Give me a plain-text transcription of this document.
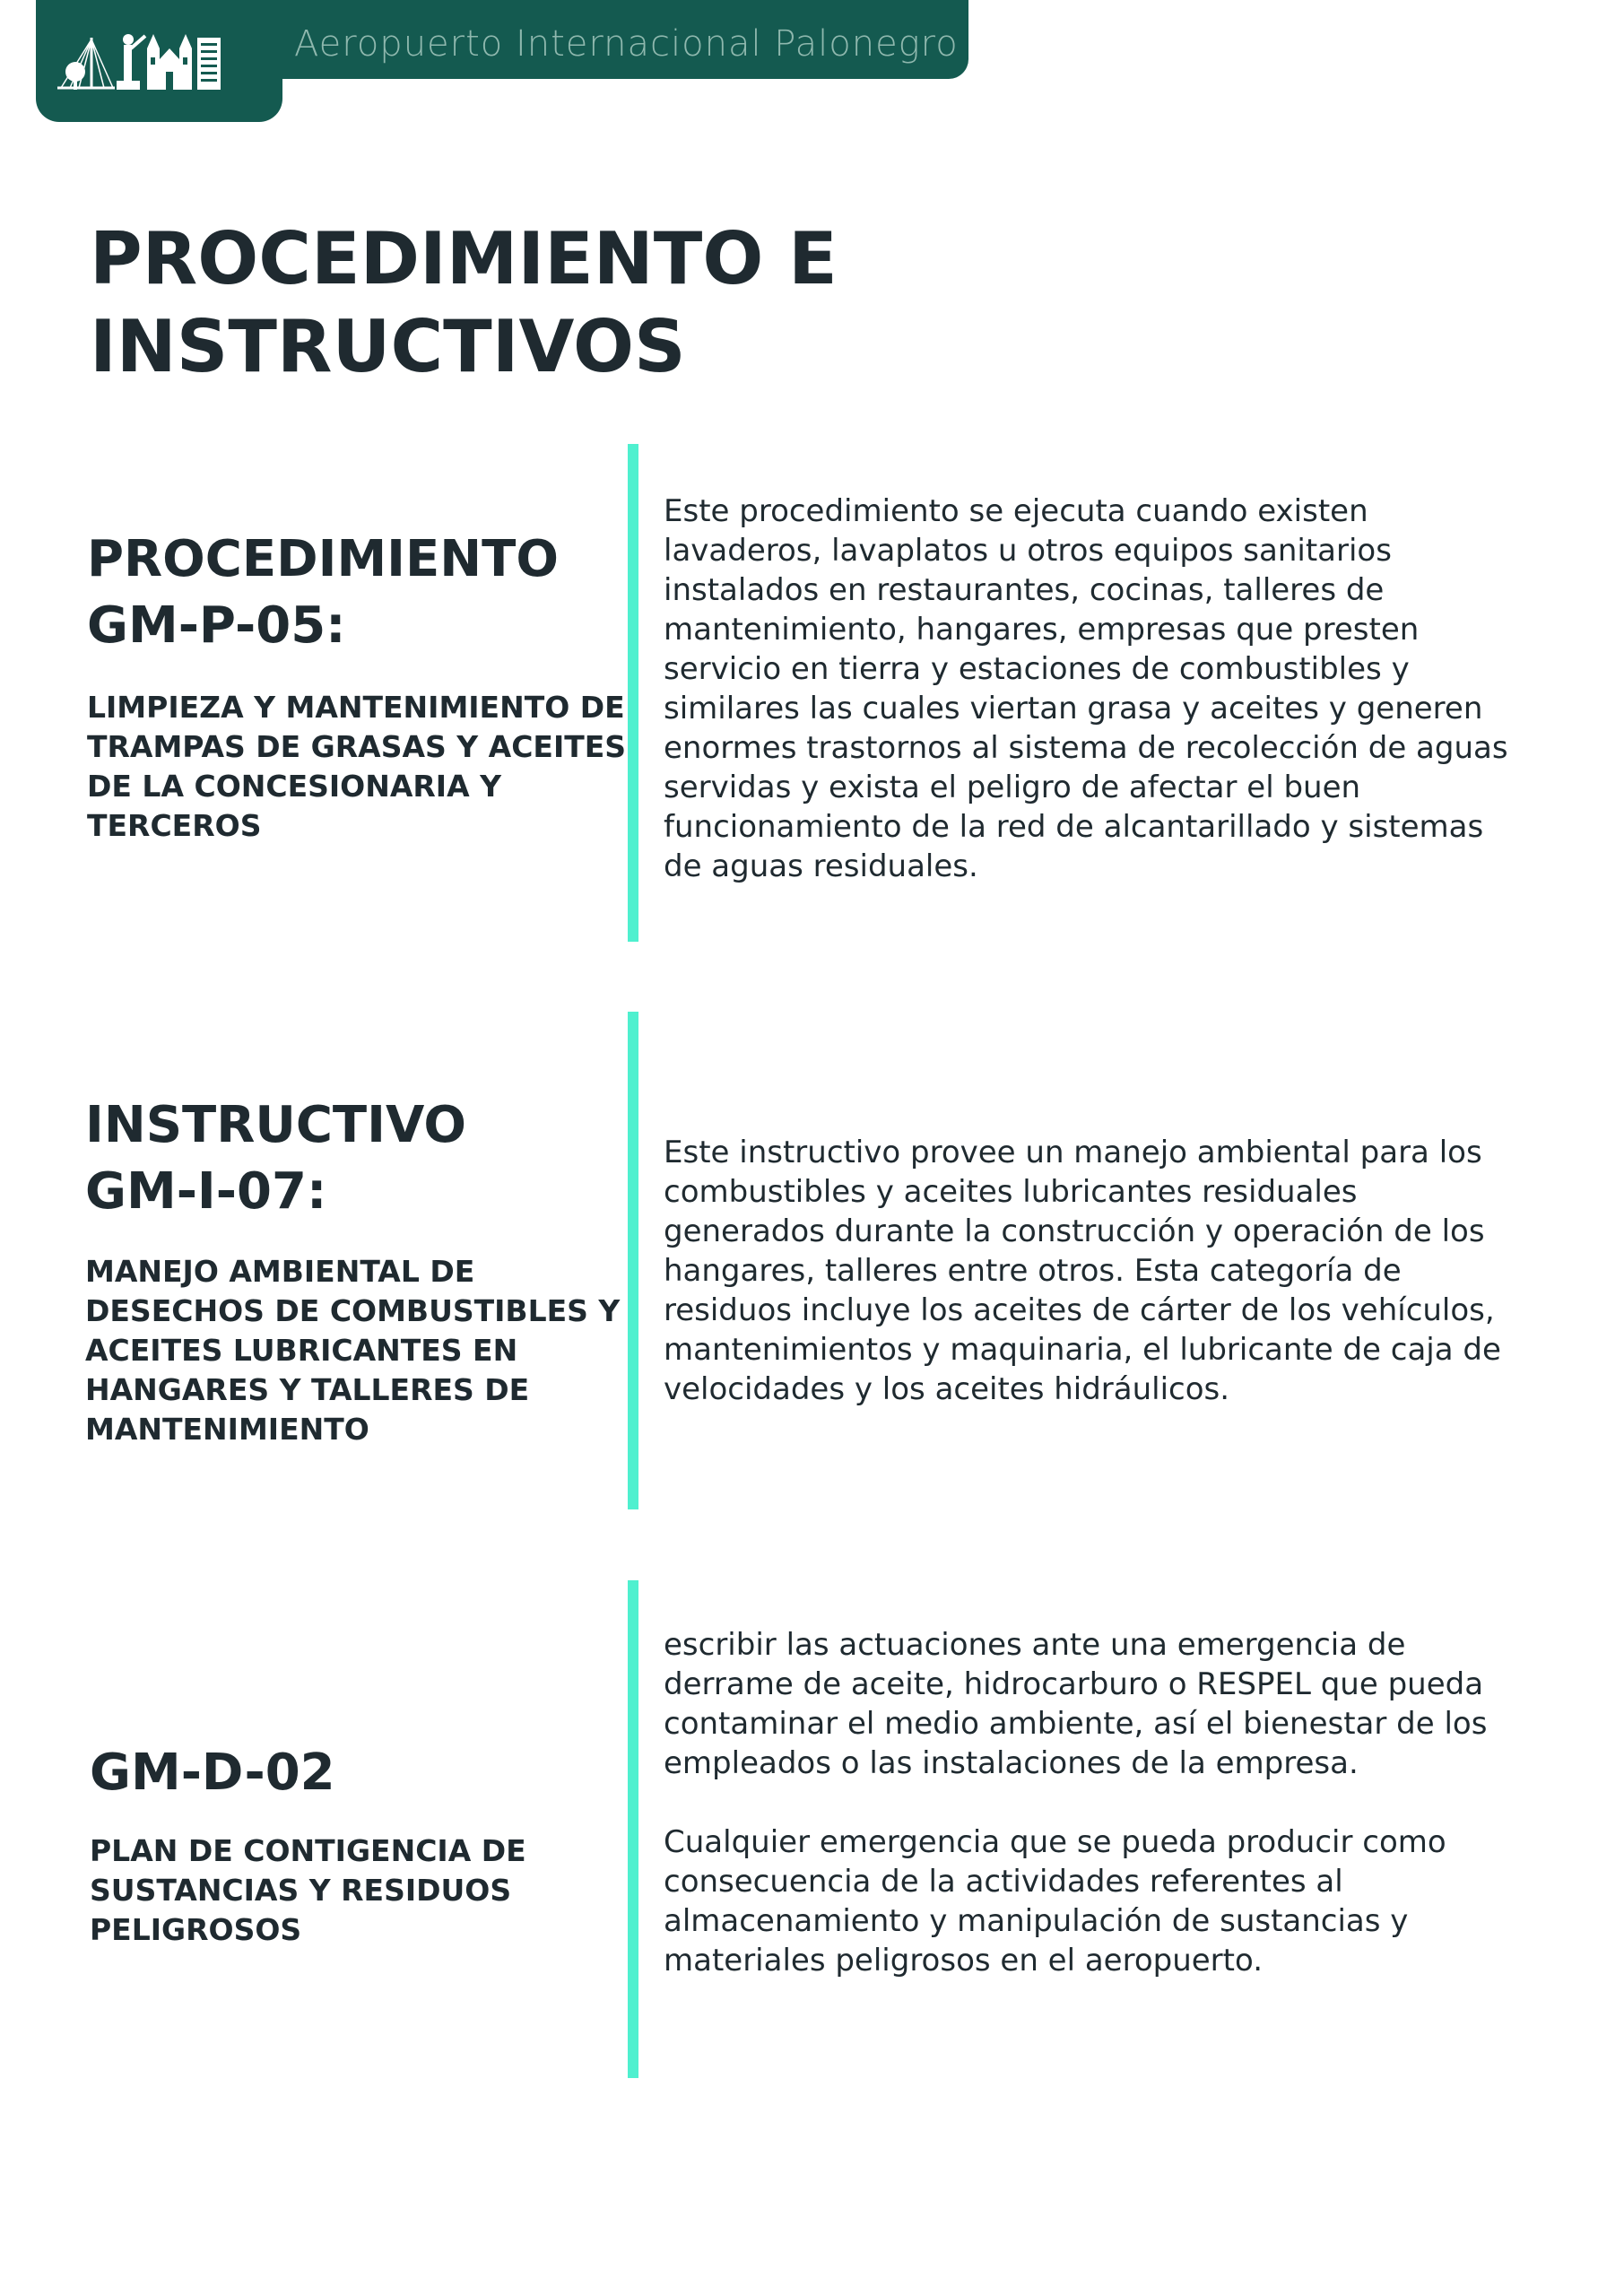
Aeropuerto Internacional Palonegro
PROCEDIMIENTO E
INSTRUCTIVOS
PROCEDIMIENTO
GM-P-05:
LIMPIEZA Y MANTENIMIENTO DE
TRAMPAS DE GRASAS Y ACEITES
DE LA CONCESIONARIA Y
TERCEROS
Este procedimiento se ejecuta cuando existen
lavaderos, lavaplatos u otros equipos sanitarios
instalados en restaurantes, cocinas, talleres de
mantenimiento, hangares, empresas que presten
servicio en tierra y estaciones de combustibles y
similares las cuales viertan grasa y aceites y generen
enormes trastornos al sistema de recolección de aguas
servidas y exista el peligro de afectar el buen
funcionamiento de la red de alcantarillado y sistemas
de aguas residuales.
INSTRUCTIVO
GM-I-07:
MANEJO AMBIENTAL DE
DESECHOS DE COMBUSTIBLES Y
ACEITES LUBRICANTES EN
HANGARES Y TALLERES DE
MANTENIMIENTO
Este instructivo provee un manejo ambiental para los
combustibles y aceites lubricantes residuales
generados durante la construcción y operación de los
hangares, talleres entre otros. Esta categoría de
residuos incluye los aceites de cárter de los vehículos,
mantenimientos y maquinaria, el lubricante de caja de
velocidades y los aceites hidráulicos.
GM-D-02
PLAN DE CONTIGENCIA DE
SUSTANCIAS Y RESIDUOS
PELIGROSOS
escribir las actuaciones ante una emergencia de
derrame de aceite, hidrocarburo o RESPEL que pueda
contaminar el medio ambiente, así el bienestar de los
empleados o las instalaciones de la empresa.
Cualquier emergencia que se pueda producir como
consecuencia de la actividades referentes al
almacenamiento y manipulación de sustancias y
materiales peligrosos en el aeropuerto.
